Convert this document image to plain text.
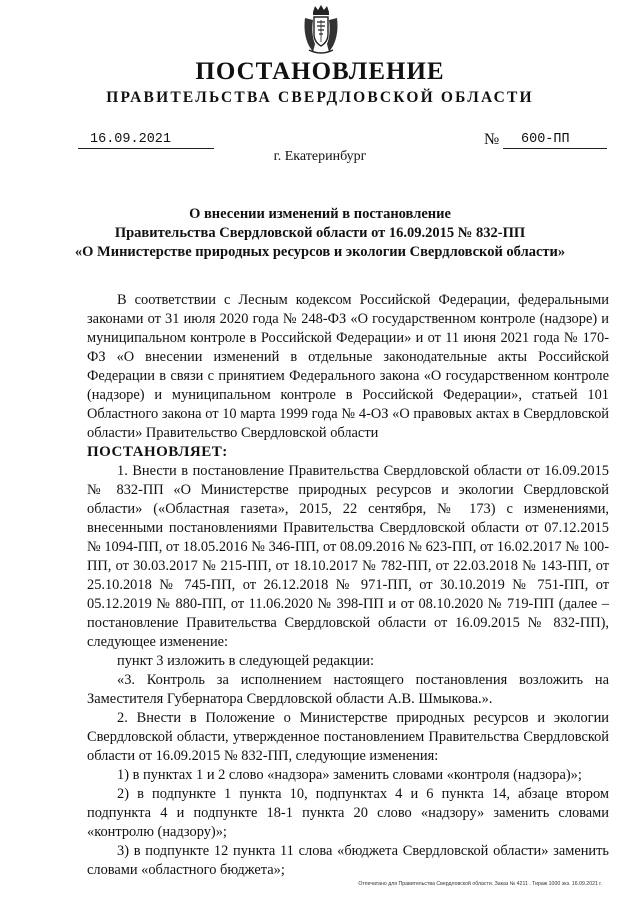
ПОСТАНОВЛЕНИЕ
ПРАВИТЕЛЬСТВА СВЕРДЛОВСКОЙ ОБЛАСТИ
16.09.2021	№	600-ПП
г. Екатеринбург
О внесении изменений в постановление
Правительства Свердловской области от 16.09.2015 № 832-ПП
«О Министерстве природных ресурсов и экологии Свердловской области»

В соответствии с Лесным кодексом Российской Федерации, федеральными законами от 31 июля 2020 года № 248-ФЗ «О государственном контроле (надзоре) и муниципальном контроле в Российской Федерации» и от 11 июня 2021 года № 170-ФЗ «О внесении изменений в отдельные законодательные акты Российской Федерации в связи с принятием Федерального закона «О государственном контроле (надзоре) и муниципальном контроле в Российской Федерации», статьей 101 Областного закона от 10 марта 1999 года № 4-ОЗ «О правовых актах в Свердловской области» Правительство Свердловской области

ПОСТАНОВЛЯЕТ:

1. Внести в постановление Правительства Свердловской области от 16.09.2015 № 832-ПП «О Министерстве природных ресурсов и экологии Свердловской области» («Областная газета», 2015, 22 сентября, № 173) с изменениями, внесенными постановлениями Правительства Свердловской области от 07.12.2015 № 1094-ПП, от 18.05.2016 № 346-ПП, от 08.09.2016 № 623-ПП, от 16.02.2017 № 100-ПП, от 30.03.2017 № 215-ПП, от 18.10.2017 № 782-ПП, от 22.03.2018 № 143-ПП, от 25.10.2018 № 745-ПП, от 26.12.2018 № 971-ПП, от 30.10.2019 № 751-ПП, от 05.12.2019 № 880-ПП, от 11.06.2020 № 398-ПП и от 08.10.2020 № 719-ПП (далее – постановление Правительства Свердловской области от 16.09.2015 № 832-ПП), следующее изменение:

пункт 3 изложить в следующей редакции:

«3. Контроль за исполнением настоящего постановления возложить на Заместителя Губернатора Свердловской области А.В. Шмыкова.».

2. Внести в Положение о Министерстве природных ресурсов и экологии Свердловской области, утвержденное постановлением Правительства Свердловской области от 16.09.2015 № 832-ПП, следующие изменения:

1) в пунктах 1 и 2 слово «надзора» заменить словами «контроля (надзора)»;

2) в подпункте 1 пункта 10, подпунктах 4 и 6 пункта 14, абзаце втором подпункта 4 и подпункте 18-1 пункта 20 слово «надзору» заменить словами «контролю (надзору)»;

3) в подпункте 12 пункта 11 слова «бюджета Свердловской области» заменить словами «областного бюджета»;

Отпечатано для Правительства Свердловской области. Заказ № 4211 . Тираж 1000 экз. 16.09.2021 г.
